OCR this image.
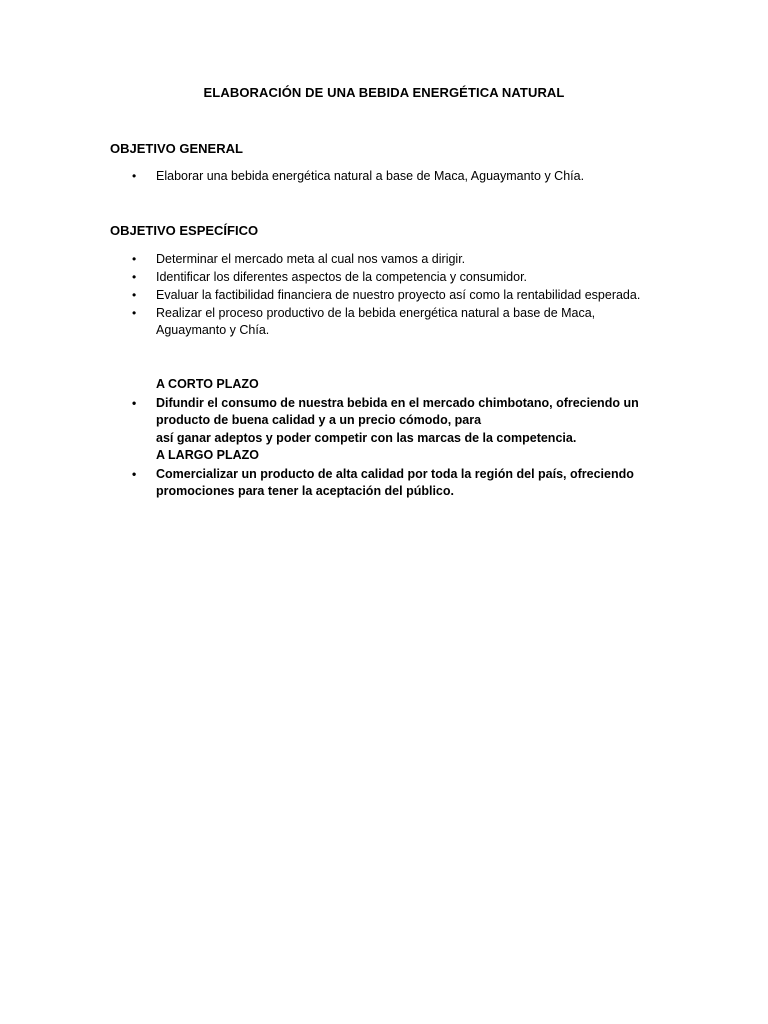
ELABORACIÓN DE UNA BEBIDA ENERGÉTICA NATURAL
OBJETIVO GENERAL
• Elaborar una bebida energética natural a base de Maca, Aguaymanto y Chía.
OBJETIVO ESPECÍFICO
• Determinar el mercado meta al cual nos vamos a dirigir.
• Identificar los diferentes aspectos de la competencia y consumidor.
• Evaluar la factibilidad financiera de nuestro proyecto así como la rentabilidad esperada.
• Realizar el proceso productivo de la bebida energética natural a base de Maca, Aguaymanto y Chía.
A CORTO PLAZO
• Difundir el consumo de nuestra bebida en el mercado chimbotano, ofreciendo un producto de buena calidad y a un precio cómodo, para
así ganar adeptos y poder competir con las marcas de la competencia.
A LARGO PLAZO
• Comercializar un producto de alta calidad por toda la región del país, ofreciendo promociones para tener la aceptación del público.
